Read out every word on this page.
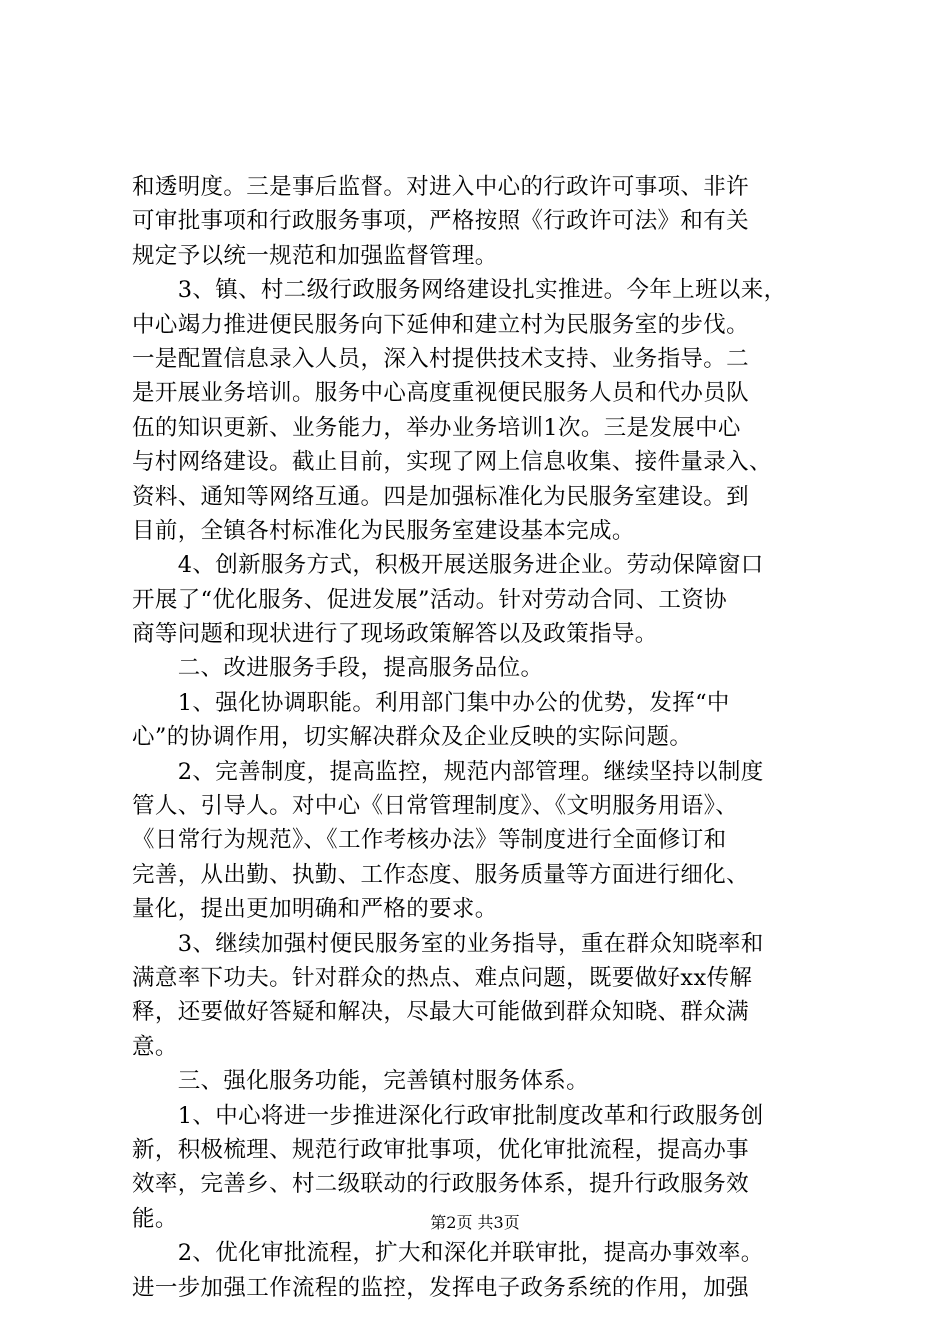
和透明度。三是事后监督。对进入中心的行政许可事项、非许
可审批事项和行政服务事项，严格按照《行政许可法》和有关
规定予以统一规范和加强监督管理。
　　3、镇、村二级行政服务网络建设扎实推进。今年上班以来，
中心竭力推进便民服务向下延伸和建立村为民服务室的步伐。
一是配置信息录入人员，深入村提供技术支持、业务指导。二
是开展业务培训。服务中心高度重视便民服务人员和代办员队
伍的知识更新、业务能力，举办业务培训1次。三是发展中心
与村网络建设。截止目前，实现了网上信息收集、接件量录入、
资料、通知等网络互通。四是加强标准化为民服务室建设。到
目前，全镇各村标准化为民服务室建设基本完成。
　　4、创新服务方式，积极开展送服务进企业。劳动保障窗口
开展了“优化服务、促进发展”活动。针对劳动合同、工资协
商等问题和现状进行了现场政策解答以及政策指导。
　　二、改进服务手段，提高服务品位。
　　1、强化协调职能。利用部门集中办公的优势，发挥“中
心”的协调作用，切实解决群众及企业反映的实际问题。
　　2、完善制度，提高监控，规范内部管理。继续坚持以制度
管人、引导人。对中心《日常管理制度》、《文明服务用语》、
《日常行为规范》、《工作考核办法》等制度进行全面修订和
完善，从出勤、执勤、工作态度、服务质量等方面进行细化、
量化，提出更加明确和严格的要求。
　　3、继续加强村便民服务室的业务指导，重在群众知晓率和
满意率下功夫。针对群众的热点、难点问题，既要做好xx传解
释，还要做好答疑和解决，尽最大可能做到群众知晓、群众满
意。
　　三、强化服务功能，完善镇村服务体系。
　　1、中心将进一步推进深化行政审批制度改革和行政服务创
新，积极梳理、规范行政审批事项，优化审批流程，提高办事
效率，完善乡、村二级联动的行政服务体系，提升行政服务效
能。
　　2、优化审批流程，扩大和深化并联审批，提高办事效率。
进一步加强工作流程的监控，发挥电子政务系统的作用，加强
第2页 共3页
